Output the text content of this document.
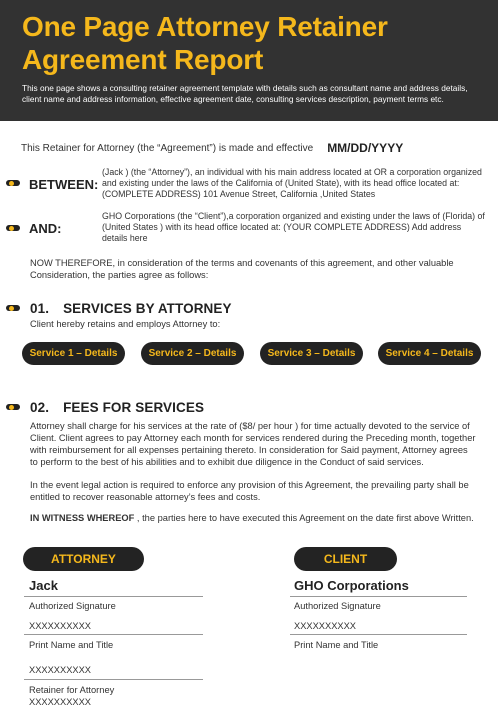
One Page Attorney Retainer
Agreement Report
This one page shows a consulting retainer agreement template with details such as consultant name and address details, client name and address information, effective agreement date, consulting services description, payment terms etc.
This Retainer for Attorney (the “Agreement”) is made and effective MM/DD/YYYY
BETWEEN:
(Jack ) (the “Attorney”), an individual with his main address located at OR a corporation organized and existing under the laws of the California of (United State), with its head office located at: (COMPLETE ADDRESS) 101 Avenue Street, California ,United States
AND:
GHO Corporations (the “Client”),a corporation organized and existing under the laws of (Florida) of (United States ) with its head office located at: (YOUR COMPLETE ADDRESS) Add address details here
NOW THEREFORE, in consideration of the terms and covenants of this agreement, and other valuable Consideration, the parties agree as follows:
01. SERVICES BY ATTORNEY
Client hereby retains and employs Attorney to:
Service 1 – Details	Service 2 – Details	Service 3 – Details	Service 4 – Details
02. FEES FOR SERVICES
Attorney shall charge for his services at the rate of ($8/ per hour ) for time actually devoted to the service of Client. Client agrees to pay Attorney each month for services rendered during the Preceding month, together with reimbursement for all expenses pertaining thereto. In consideration for Said payment, Attorney agrees to perform to the best of his abilities and to exhibit due diligence in the Conduct of said services.
In the event legal action is required to enforce any provision of this Agreement, the prevailing party shall be entitled to recover reasonable attorney’s fees and costs.
IN WITNESS WHEREOF , the parties here to have executed this Agreement on the date first above Written.
ATTORNEY
Jack
Authorized Signature
XXXXXXXXXX
Print Name and Title
XXXXXXXXXX
Retainer for Attorney
XXXXXXXXXX
CLIENT
GHO Corporations
Authorized Signature
XXXXXXXXXX
Print Name and Title
